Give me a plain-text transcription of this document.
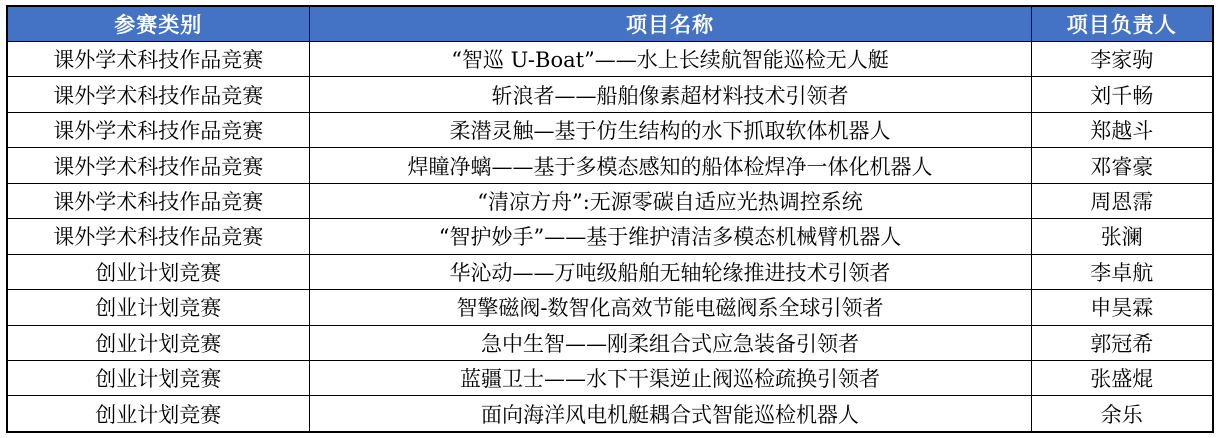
参赛类别	项目名称	项目负责人
课外学术科技作品竞赛	“智巡 U-Boat”——水上长续航智能巡检无人艇	李家驹
课外学术科技作品竞赛	斩浪者——船舶像素超材料技术引领者	刘千畅
课外学术科技作品竞赛	柔潜灵触—基于仿生结构的水下抓取软体机器人	郑越斗
课外学术科技作品竞赛	焊瞳净螭——基于多模态感知的船体检焊净一体化机器人	邓睿豪
课外学术科技作品竞赛	“清凉方舟”:无源零碳自适应光热调控系统	周恩霈
课外学术科技作品竞赛	“智护妙手”——基于维护清洁多模态机械臂机器人	张澜
创业计划竞赛	华沁动——万吨级船舶无轴轮缘推进技术引领者	李卓航
创业计划竞赛	智擎磁阀-数智化高效节能电磁阀系全球引领者	申昊霖
创业计划竞赛	急中生智——刚柔组合式应急装备引领者	郭冠希
创业计划竞赛	蓝疆卫士——水下干渠逆止阀巡检疏换引领者	张盛焜
创业计划竞赛	面向海洋风电机艇耦合式智能巡检机器人	余乐
